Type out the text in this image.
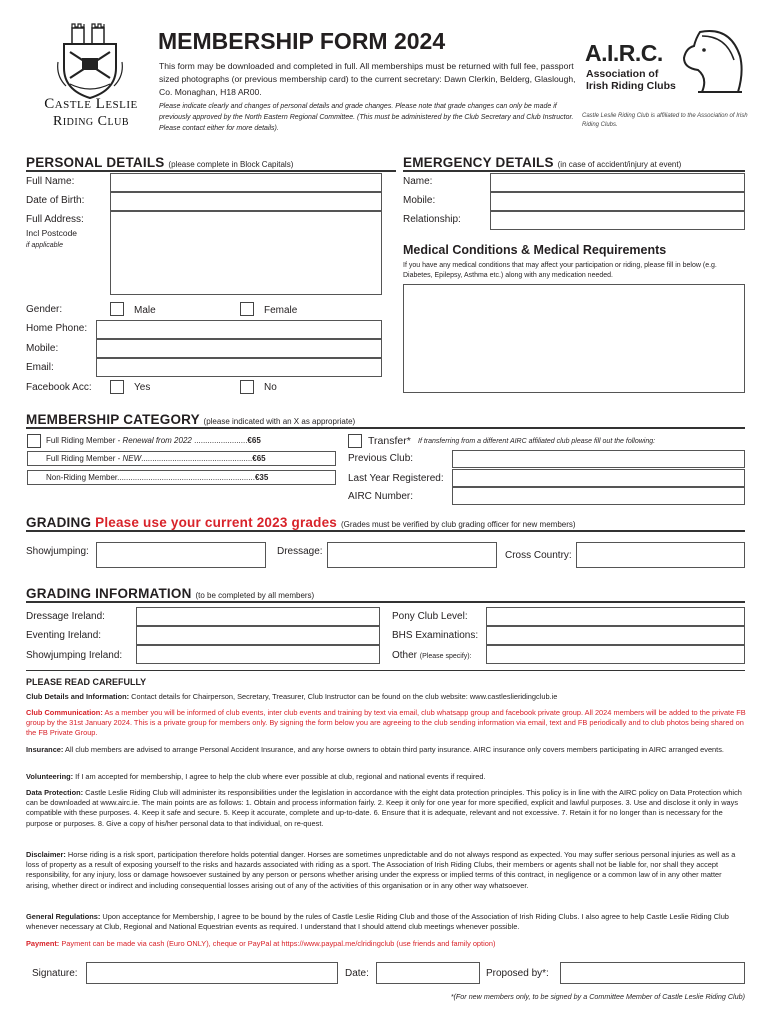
Castle Leslie
Riding Club
MEMBERSHIP FORM 2024
This form may be downloaded and completed in full. All memberships must be returned with full fee, passport sized photographs (or previous membership card) to the current secretary: Dawn Clerkin, Belderg, Glaslough, Co. Monaghan, H18 AR00.
Please indicate clearly and changes of personal details and grade changes. Please note that grade changes can only be made if previously approved by the North Eastern Regional Committee. (This must be administered by the Club Secretary and Club Instructor. Please contact either for more details).
A.I.R.C.
Association of
Irish Riding Clubs
Castle Leslie Riding Club is affiliated to the Association of Irish Riding Clubs.
PERSONAL DETAILS (please complete in Block Capitals)
Full Name:
Date of Birth:
Full Address:
Incl Postcode
if applicable
Gender:	Male	Female
Home Phone:
Mobile:
Email:
Facebook Acc:	Yes	No
EMERGENCY DETAILS (in case of accident/injury at event)
Name:
Mobile:
Relationship:
Medical Conditions & Medical Requirements
If you have any medical conditions that may affect your participation or riding, please fill in below (e.g. Diabetes, Epilepsy, Asthma etc.) along with any medication needed.
MEMBERSHIP CATEGORY (please indicated with an X as appropriate)
Full Riding Member - Renewal from 2022 ........................€65
Full Riding Member - NEW..................................................€65
Non-Riding Member..............................................................€35
Transfer* If transferring from a different AIRC affiliated club please fill out the following:
Previous Club:
Last Year Registered:
AIRC Number:
GRADING Please use your current 2023 grades (Grades must be verified by club grading officer for new members)
Showjumping:	Dressage:	Cross Country:
GRADING INFORMATION (to be completed by all members)
Dressage Ireland:
Eventing Ireland:
Showjumping Ireland:
Pony Club Level:
BHS Examinations:
Other (Please specify):
PLEASE READ CAREFULLY
Club Details and Information: Contact details for Chairperson, Secretary, Treasurer, Club Instructor can be found on the club website: www.castleslieridingclub.ie
Club Communication: As a member you will be informed of club events, inter club events and training by text via email, club whatsapp group and facebook private group. All 2024 members will be added to the private FB group by the 31st January 2024. This is a private group for members only. By signing the form below you are agreeing to the club sending information via email, text and FB periodically and to club photos being shared on the FB Private Group.
Insurance: All club members are advised to arrange Personal Accident Insurance, and any horse owners to obtain third party insurance. AIRC insurance only covers members participating in AIRC arranged events.
Volunteering: If I am accepted for membership, I agree to help the club where ever possible at club, regional and national events if required.
Data Protection: Castle Leslie Riding Club will administer its responsibilities under the legislation in accordance with the eight data protection principles. This policy is in line with the AIRC policy on Data Protection which can be downloaded at www.airc.ie. The main points are as follows: 1. Obtain and process information fairly. 2. Keep it only for one year for more specified, explicit and lawful purposes. 3. Use and disclose it only in ways compatible with these purposes. 4. Keep it safe and secure. 5. Keep it accurate, complete and up-to-date. 6. Ensure that it is adequate, relevant and not excessive. 7. Retain it for no longer than is necessary for the purpose or purposes. 8. Give a copy of his/her personal data to that individual, on re-quest.
Disclaimer: Horse riding is a risk sport, participation therefore holds potential danger. Horses are sometimes unpredictable and do not always respond as expected. You may suffer serious personal injuries as well as a loss of property as a result of exposing yourself to the risks and hazards associated with riding as a sport. The Association of Irish Riding Clubs, their members or agents shall not be liable for, nor shall they accept responsibility, for any injury, loss or damage howsoever sustained by any person or persons whether arising under the express or implied terms of this contract, in negligence or a common law of in any other matter arising, whether direct or indirect and including consequential losses arising out of any of the activities of this organisation or in any other way whatsoever.
General Regulations: Upon acceptance for Membership, I agree to be bound by the rules of Castle Leslie Riding Club and those of the Association of Irish Riding Clubs. I also agree to help Castle Leslie Riding Club whenever necessary at Club, Regional and National Equestrian events as required. I understand that I should attend club meetings whenever possible.
Payment: Payment can be made via cash (Euro ONLY), cheque or PayPal at https://www.paypal.me/clridingclub (use friends and family option)
Signature:	Date:	Proposed by*:
*(For new members only, to be signed by a Committee Member of Castle Leslie Riding Club)
